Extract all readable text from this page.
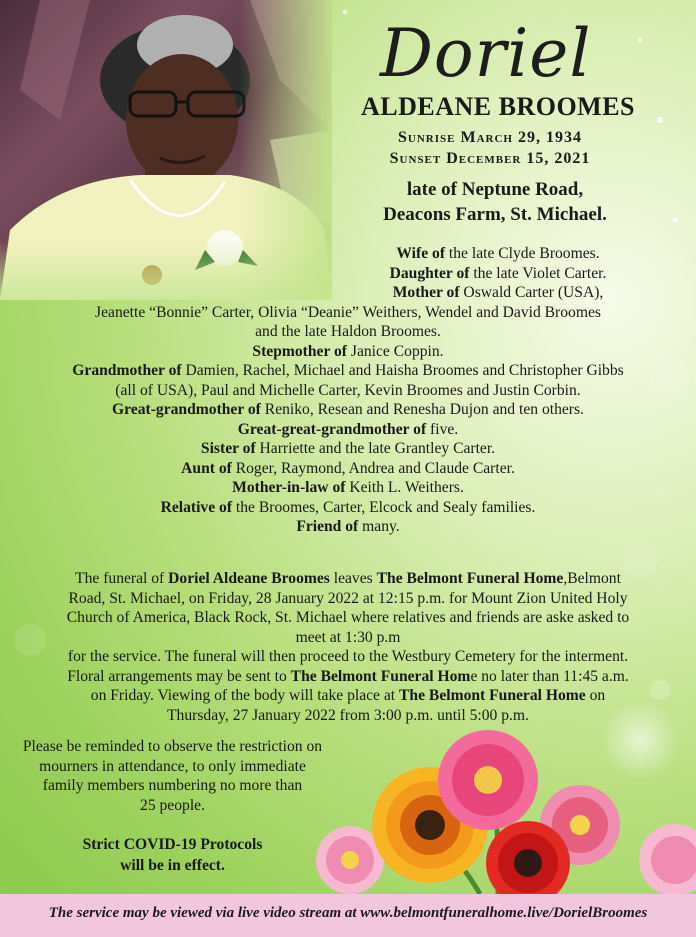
Doriel
ALDEANE BROOMES
Sunrise March 29, 1934
Sunset December 15, 2021
late of Neptune Road,
Deacons Farm, St. Michael.
Wife of the late Clyde Broomes.
Daughter of the late Violet Carter.
Mother of Oswald Carter (USA),
Jeanette “Bonnie” Carter, Olivia “Deanie” Weithers, Wendel and David Broomes
and the late Haldon Broomes.
Stepmother of Janice Coppin.
Grandmother of Damien, Rachel, Michael and Haisha Broomes and Christopher Gibbs
(all of USA), Paul and Michelle Carter, Kevin Broomes and Justin Corbin.
Great-grandmother of Reniko, Resean and Renesha Dujon and ten others.
Great-great-grandmother of five.
Sister of Harriette and the late Grantley Carter.
Aunt of Roger, Raymond, Andrea and Claude Carter.
Mother-in-law of Keith L. Weithers.
Relative of the Broomes, Carter, Elcock and Sealy families.
Friend of many.
The funeral of Doriel Aldeane Broomes leaves The Belmont Funeral Home,Belmont
Road, St. Michael, on Friday, 28 January 2022 at 12:15 p.m. for Mount Zion United Holy
Church of America, Black Rock, St. Michael where relatives and friends are aske asked to
meet at 1:30 p.m
for the service. The funeral will then proceed to the Westbury Cemetery for the interment.
Floral arrangements may be sent to The Belmont Funeral Home no later than 11:45 a.m.
on Friday. Viewing of the body will take place at The Belmont Funeral Home on
Thursday, 27 January 2022 from 3:00 p.m. until 5:00 p.m.
Please be reminded to observe the restriction on
mourners in attendance, to only immediate
family members numbering no more than
25 people.
Strict COVID-19 Protocols
will be in effect.
The service may be viewed via live video stream at www.belmontfuneralhome.live/DorielBroomes
